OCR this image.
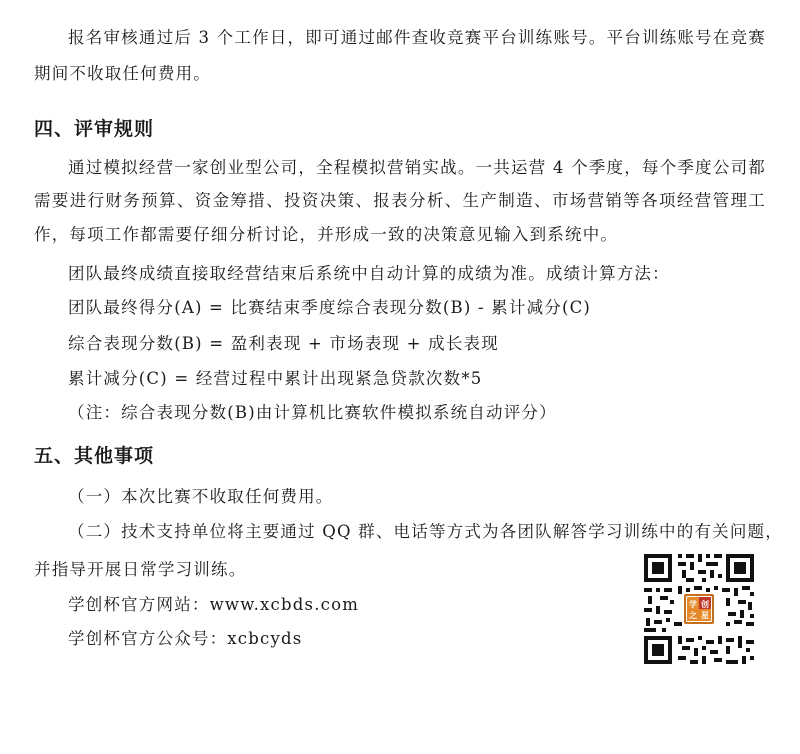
报名审核通过后 3 个工作日，即可通过邮件查收竞赛平台训练账号。平台训练账号在竞赛
期间不收取任何费用。
四、评审规则
通过模拟经营一家创业型公司，全程模拟营销实战。一共运营 4 个季度，每个季度公司都
需要进行财务预算、资金筹措、投资决策、报表分析、生产制造、市场营销等各项经营管理工
作，每项工作都需要仔细分析讨论，并形成一致的决策意见输入到系统中。
团队最终成绩直接取经营结束后系统中自动计算的成绩为准。成绩计算方法：
团队最终得分(A) = 比赛结束季度综合表现分数(B) - 累计减分(C)
综合表现分数(B) = 盈利表现 + 市场表现 + 成长表现
累计减分(C) = 经营过程中累计出现紧急贷款次数*5
（注：综合表现分数(B)由计算机比赛软件模拟系统自动评分）
五、其他事项
（一）本次比赛不收取任何费用。
（二）技术支持单位将主要通过 QQ 群、电话等方式为各团队解答学习训练中的有关问题，
并指导开展日常学习训练。
学创杯官方网站：www.xcbds.com
学创杯官方公众号：xcbcyds
学 创
之 星
